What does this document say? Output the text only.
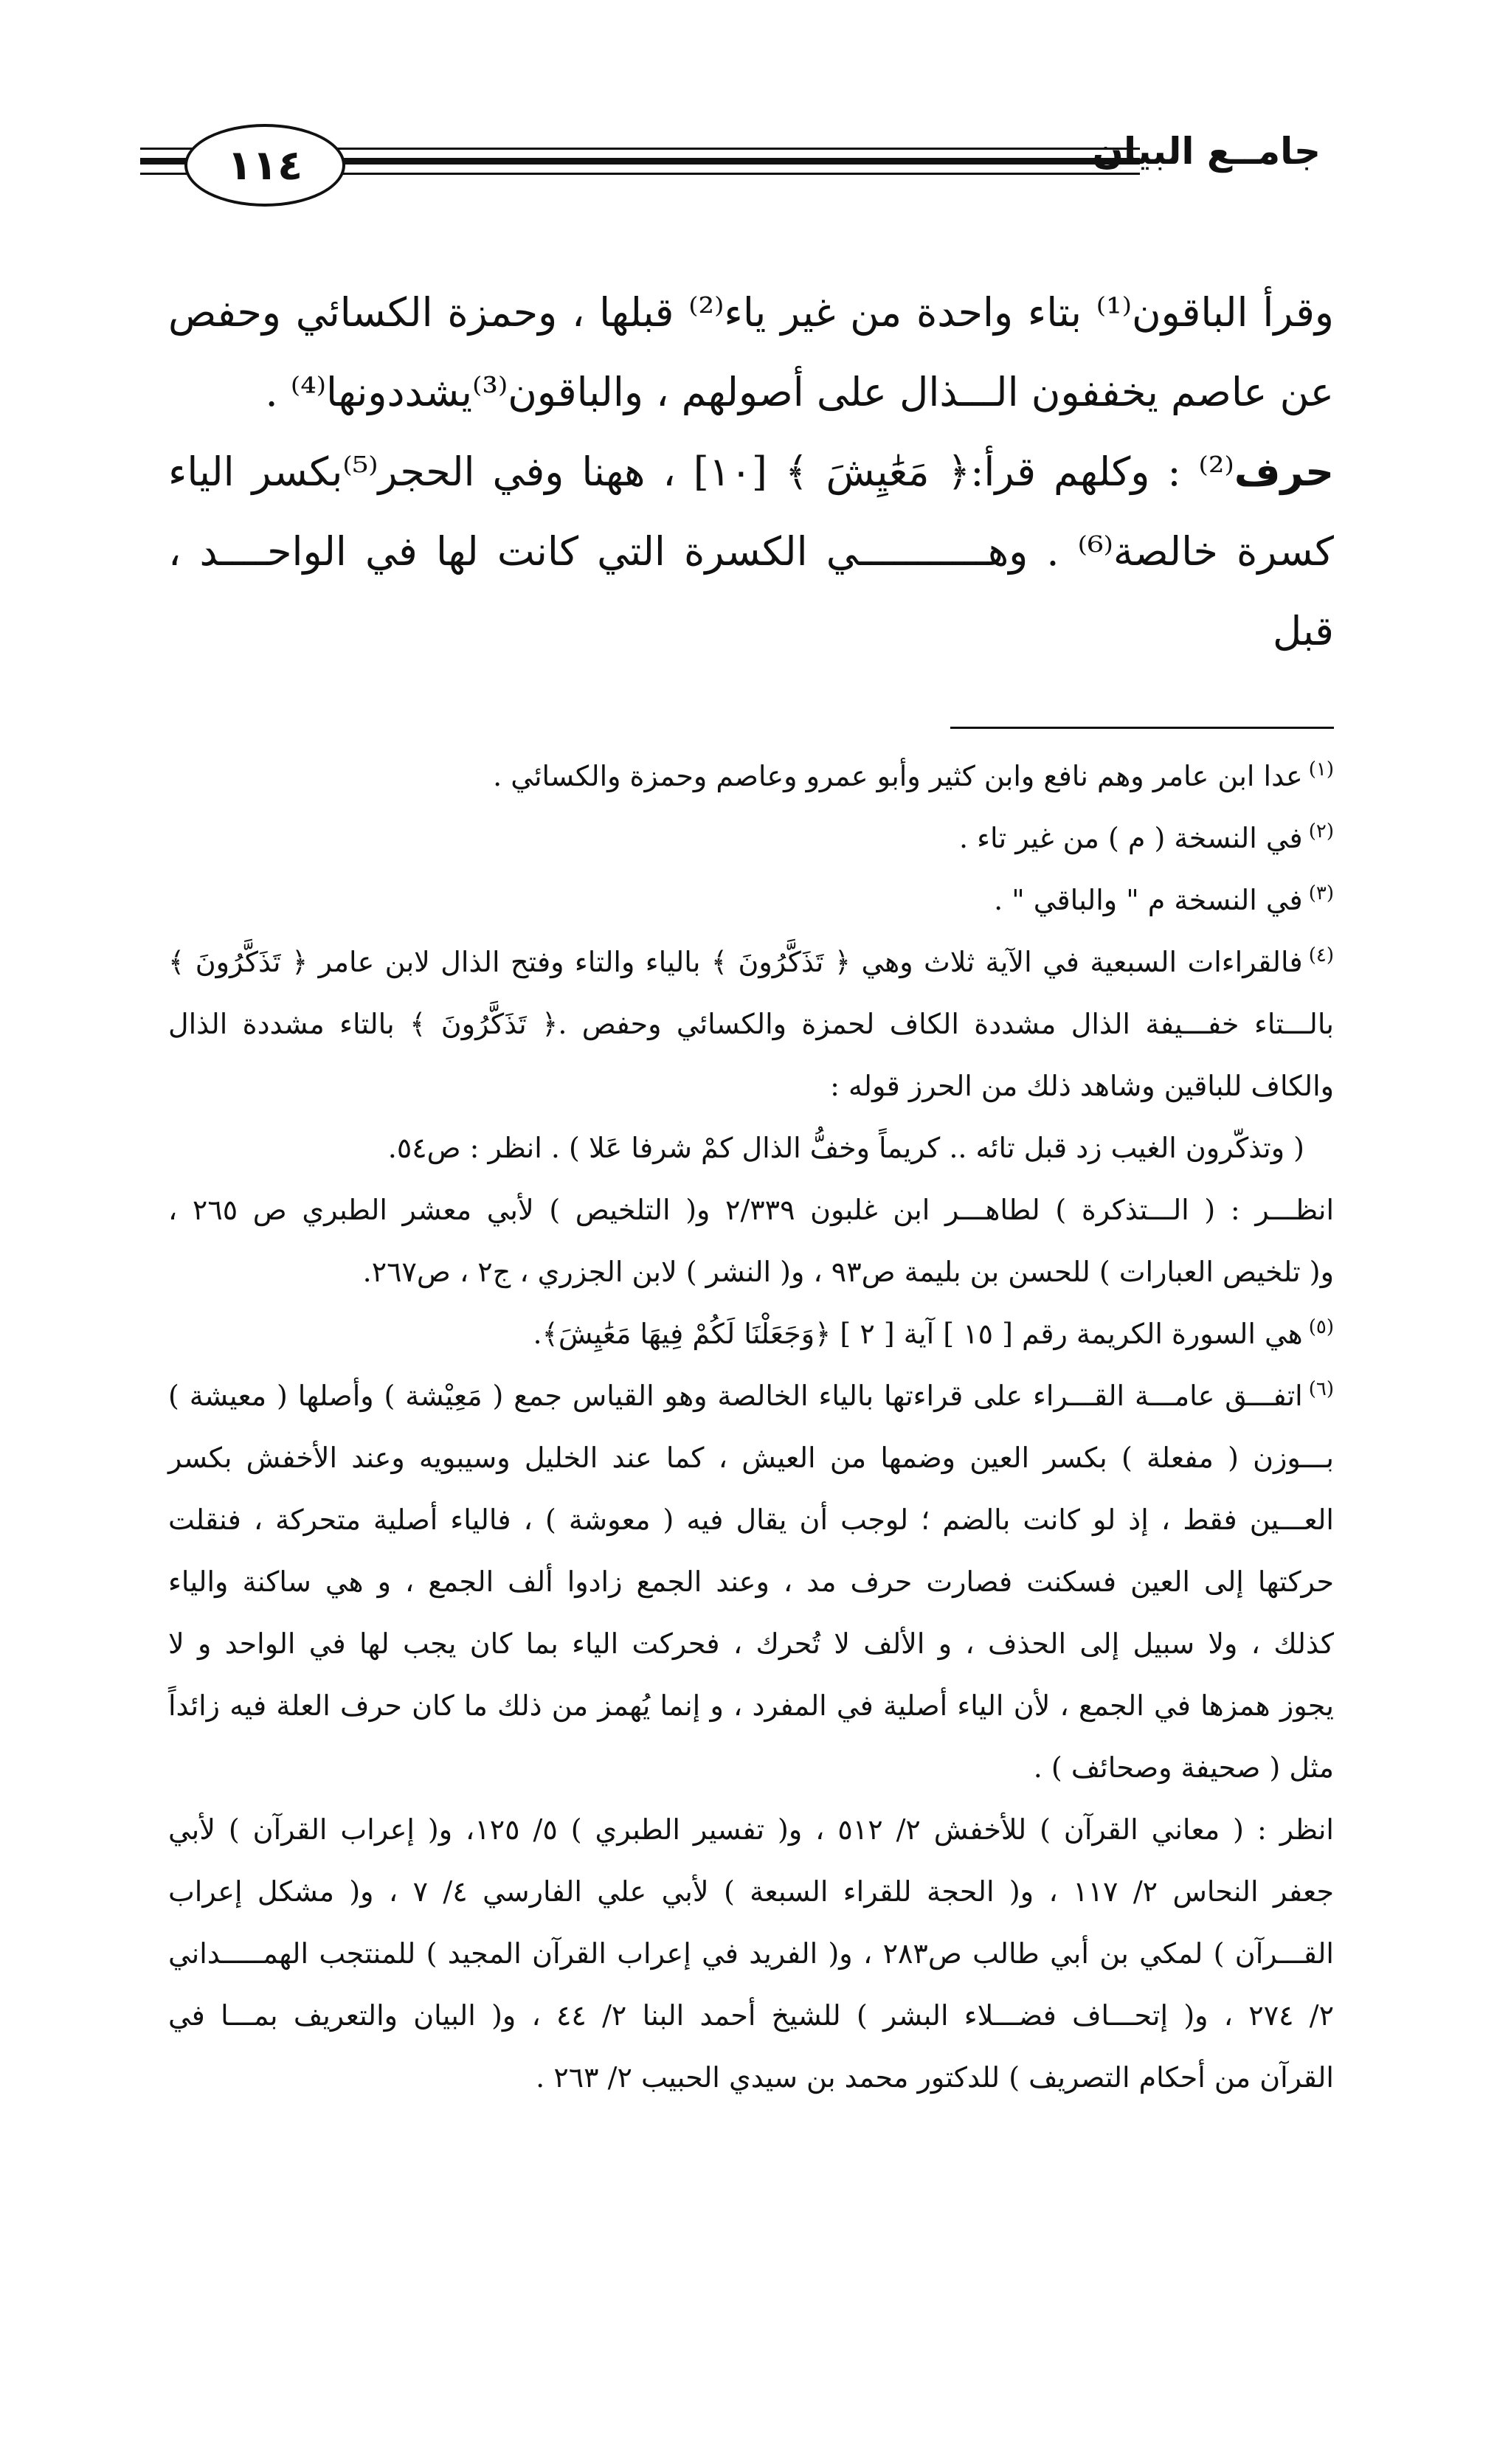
١١٤	جامــع البيان

وقرأ الباقون⁽¹⁾ بتاء واحدة من غير ياء⁽²⁾ قبلها ، وحمزة الكسائي وحفص

عن عاصم يخففون الـــذال على أصولهم ، والباقون⁽³⁾يشددونها⁽⁴⁾ .

حرف⁽²⁾ : وكلهم قرأ:﴿ مَعَٰيِشَ ﴾ [١٠] ، ههنا وفي الحجر⁽⁵⁾بكسر الياء

كسرة خالصة⁽⁶⁾ . وهـــــــــــي الكسرة التي كانت لها في الواحــــد ، قبل

$^{(١)}$عدا ابن عامر وهم نافع وابن كثير وأبو عمرو وعاصم وحمزة والكسائي .

$^{(٢)}$في النسخة ( م ) من غير تاء .

$^{(٣)}$في النسخة م " والباقي " .

$^{(٤)}$فالقراءات السبعية في الآية ثلاث وهي ﴿ تَذَكَّرُونَ ﴾ بالياء والتاء وفتح الذال لابن عامر ﴿ تَذَكَّرُونَ ﴾

بالـــتاء خفـــيفة الذال مشددة الكاف لحمزة والكسائي وحفص .﴿ تَذَكَّرُونَ ﴾ بالتاء مشددة الذال

والكاف للباقين وشاهد ذلك من الحرز قوله :

( وتذكّرون الغيب زد قبل تائه .. كريماً وخفُّ الذال كمْ شرفا عَلا ) . انظر : ص٥٤.

انظـــر : ( الـــتذكرة ) لطاهـــر ابن غلبون ٢/٣٣٩ و( التلخيص ) لأبي معشر الطبري ص ٢٦٥ ،

و( تلخيص العبارات ) للحسن بن بليمة ص٩٣ ، و( النشر ) لابن الجزري ، ج٢ ، ص٢٦٧.

$^{(٥)}$هي السورة الكريمة رقم [ ١٥ ] آية [ ٢ ] ﴿وَجَعَلْنَا لَكُمْ فِيهَا مَعَٰيِشَ﴾.

$^{(٦)}$اتفـــق عامـــة القـــراء على قراءتها بالياء الخالصة وهو القياس جمع ( مَعِيْشة ) وأصلها ( معيشة )

بـــوزن ( مفعلة ) بكسر العين وضمها من العيش ، كما عند الخليل وسيبويه وعند الأخفش بكسر

العـــين فقط ، إذ لو كانت بالضم ؛ لوجب أن يقال فيه ( معوشة ) ، فالياء أصلية متحركة ، فنقلت

حركتها إلى العين فسكنت فصارت حرف مد ، وعند الجمع زادوا ألف الجمع ، و هي ساكنة والياء

كذلك ، ولا سبيل إلى الحذف ، و الألف لا تُحرك ، فحركت الياء بما كان يجب لها في الواحد و لا

يجوز همزها في الجمع ، لأن الياء أصلية في المفرد ، و إنما يُهمز من ذلك ما كان حرف العلة فيه زائداً

مثل ( صحيفة وصحائف ) .

انظر : ( معاني القرآن ) للأخفش ٢/ ٥١٢ ، و( تفسير الطبري ) ٥/ ١٢٥، و( إعراب القرآن ) لأبي

جعفر النحاس ٢/ ١١٧ ، و( الحجة للقراء السبعة ) لأبي علي الفارسي ٤/ ٧ ، و( مشكل إعراب

القـــرآن ) لمكي بن أبي طالب ص٢٨٣ ، و( الفريد في إعراب القرآن المجيد ) للمنتجب الهمـــــداني

٢/ ٢٧٤ ، و( إتحـــاف فضـــلاء البشر ) للشيخ أحمد البنا ٢/ ٤٤ ، و( البيان والتعريف بمـــا في

القرآن من أحكام التصريف ) للدكتور محمد بن سيدي الحبيب ٢/ ٢٦٣ .
